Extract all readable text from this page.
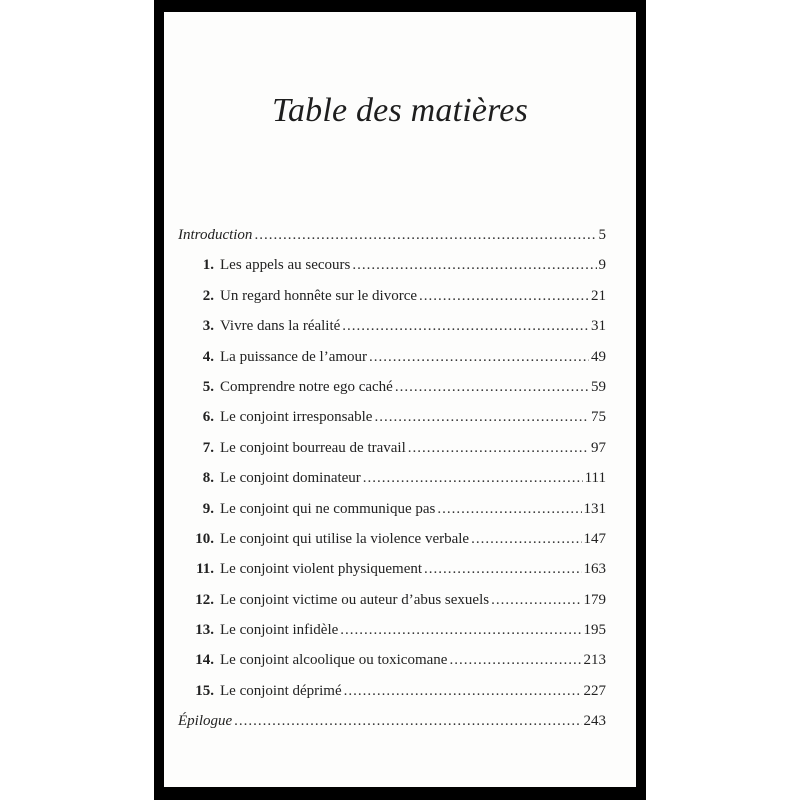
Table des matières
Introduction .....	5
1. Les appels au secours .....	9
2. Un regard honnête sur le divorce .....	21
3. Vivre dans la réalité .....	31
4. La puissance de l’amour .....	49
5. Comprendre notre ego caché .....	59
6. Le conjoint irresponsable .....	75
7. Le conjoint bourreau de travail .....	97
8. Le conjoint dominateur .....	111
9. Le conjoint qui ne communique pas .....	131
10. Le conjoint qui utilise la violence verbale .....	147
11. Le conjoint violent physiquement .....	163
12. Le conjoint victime ou auteur d’abus sexuels .....	179
13. Le conjoint infidèle .....	195
14. Le conjoint alcoolique ou toxicomane .....	213
15. Le conjoint déprimé .....	227
Épilogue .....	243
